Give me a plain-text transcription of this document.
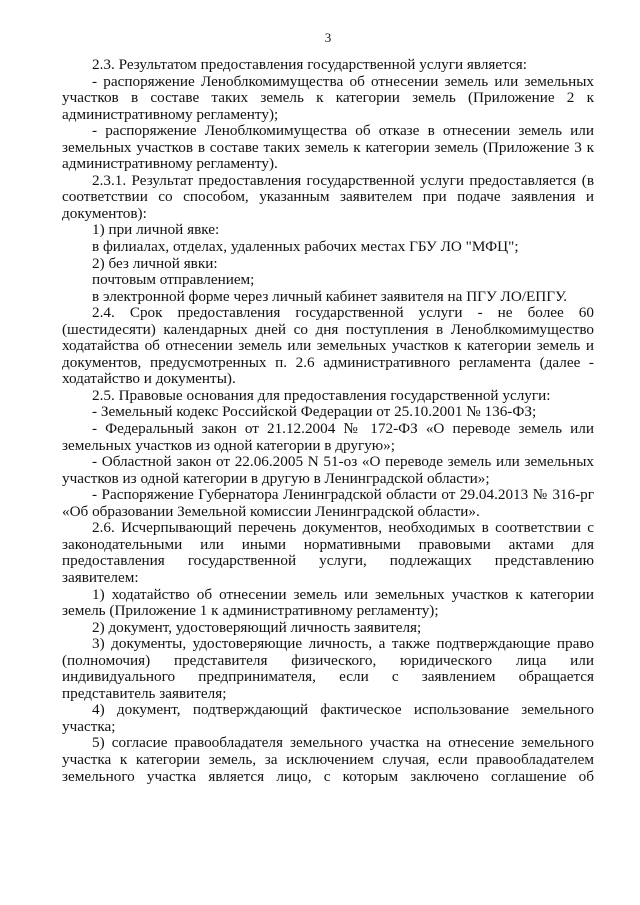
3

2.3. Результатом предоставления государственной услуги является:

- распоряжение Леноблкомимущества об отнесении земель или земельных участков в составе таких земель к категории земель (Приложение 2 к административному регламенту);

- распоряжение Леноблкомимущества об отказе в отнесении земель или земельных участков в составе таких земель к категории земель (Приложение 3 к административному регламенту).

2.3.1. Результат предоставления государственной услуги предоставляется (в соответствии со способом, указанным заявителем при подаче заявления и документов):

1) при личной явке:

в филиалах, отделах, удаленных рабочих местах ГБУ ЛО "МФЦ";

2) без личной явки:

почтовым отправлением;

в электронной форме через личный кабинет заявителя на ПГУ ЛО/ЕПГУ.

2.4. Срок предоставления государственной услуги - не более 60 (шестидесяти) календарных дней со дня поступления в Леноблкомимущество ходатайства об отнесении земель или земельных участков к категории земель и документов, предусмотренных п. 2.6 административного регламента (далее - ходатайство и документы).

2.5. Правовые основания для предоставления государственной услуги:

- Земельный кодекс Российской Федерации от 25.10.2001 № 136-ФЗ;

- Федеральный закон от 21.12.2004 № 172-ФЗ «О переводе земель или земельных участков из одной категории в другую»;

- Областной закон от 22.06.2005 N 51-оз «О переводе земель или земельных участков из одной категории в другую в Ленинградской области»;

- Распоряжение Губернатора Ленинградской области от 29.04.2013 № 316-рг «Об образовании Земельной комиссии Ленинградской области».

2.6. Исчерпывающий перечень документов, необходимых в соответствии с законодательными или иными нормативными правовыми актами для предоставления государственной услуги, подлежащих представлению заявителем:

1) ходатайство об отнесении земель или земельных участков к категории земель (Приложение 1 к административному регламенту);

2) документ, удостоверяющий личность заявителя;

3) документы, удостоверяющие личность, а также подтверждающие право (полномочия) представителя физического, юридического лица или индивидуального предпринимателя, если с заявлением обращается представитель заявителя;

4) документ, подтверждающий фактическое использование земельного участка;

5) согласие правообладателя земельного участка на отнесение земельного участка к категории земель, за исключением случая, если правообладателем земельного участка является лицо, с которым заключено соглашение об
